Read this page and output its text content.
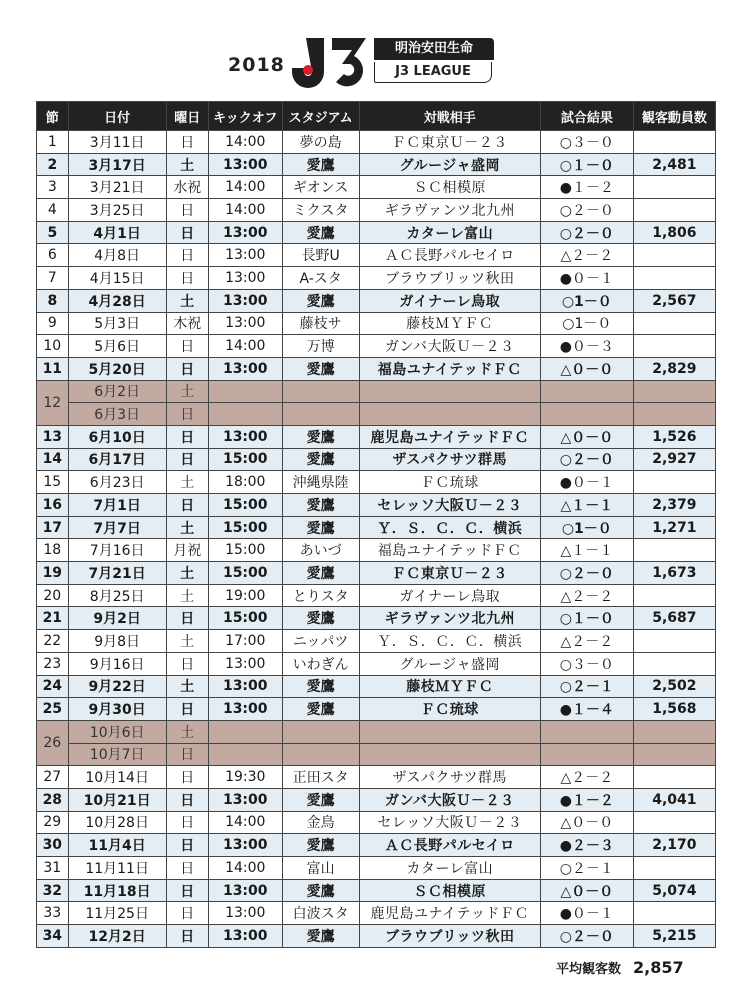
2018
明治安田生命
J3 LEAGUE
節	日付	曜日	キックオフ	スタジアム	対戦相手	試合結果	観客動員数
1	3月11日	日	14:00	夢の島	ＦＣ東京Ｕ－２３	○３－０	
2	3月17日	土	13:00	愛鷹	グルージャ盛岡	○１－０	2,481
3	3月21日	水祝	14:00	ギオンス	ＳＣ相模原	●１－２	
4	3月25日	日	14:00	ミクスタ	ギラヴァンツ北九州	○２－０	
5	4月1日	日	13:00	愛鷹	カターレ富山	○２－０	1,806
6	4月8日	日	13:00	長野U	ＡＣ長野パルセイロ	△２－２	
7	4月15日	日	13:00	A-スタ	ブラウブリッツ秋田	●０－１	
8	4月28日	土	13:00	愛鷹	ガイナーレ鳥取	○1－０	2,567
9	5月3日	木祝	13:00	藤枝サ	藤枝ＭＹＦＣ	○1－０	
10	5月6日	日	14:00	万博	ガンバ大阪Ｕ－２３	●０－３	
11	5月20日	日	13:00	愛鷹	福島ユナイテッドＦＣ	△０－０	2,829
12	6月2日	土					
	6月3日	日					
13	6月10日	日	13:00	愛鷹	鹿児島ユナイテッドＦＣ	△０－０	1,526
14	6月17日	日	15:00	愛鷹	ザスパクサツ群馬	○２－０	2,927
15	6月23日	土	18:00	沖縄県陸	ＦＣ琉球	●０－１	
16	7月1日	日	15:00	愛鷹	セレッソ大阪Ｕ－２３	△１－１	2,379
17	7月7日	土	15:00	愛鷹	Ｙ．Ｓ．Ｃ．Ｃ．横浜	○1－０	1,271
18	7月16日	月祝	15:00	あいづ	福島ユナイテッドＦＣ	△１－１	
19	7月21日	土	15:00	愛鷹	ＦＣ東京Ｕ－２３	○２－０	1,673
20	8月25日	土	19:00	とりスタ	ガイナーレ鳥取	△２－２	
21	9月2日	日	15:00	愛鷹	ギラヴァンツ北九州	○１－０	5,687
22	9月8日	土	17:00	ニッパツ	Ｙ．Ｓ．Ｃ．Ｃ．横浜	△２－２	
23	9月16日	日	13:00	いわぎん	グルージャ盛岡	○３－０	
24	9月22日	土	13:00	愛鷹	藤枝ＭＹＦＣ	○２－１	2,502
25	9月30日	日	13:00	愛鷹	ＦＣ琉球	●１－４	1,568
26	10月6日	土					
	10月7日	日					
27	10月14日	日	19:30	正田スタ	ザスパクサツ群馬	△２－２	
28	10月21日	日	13:00	愛鷹	ガンバ大阪Ｕ－２３	●１－２	4,041
29	10月28日	日	14:00	金鳥	セレッソ大阪Ｕ－２３	△０－０	
30	11月4日	日	13:00	愛鷹	ＡＣ長野パルセイロ	●２－３	2,170
31	11月11日	日	14:00	富山	カターレ富山	○２－１	
32	11月18日	日	13:00	愛鷹	ＳＣ相模原	△０－０	5,074
33	11月25日	日	13:00	白波スタ	鹿児島ユナイテッドＦＣ	●０－１	
34	12月2日	日	13:00	愛鷹	ブラウブリッツ秋田	○２－０	5,215
平均観客数 2,857
